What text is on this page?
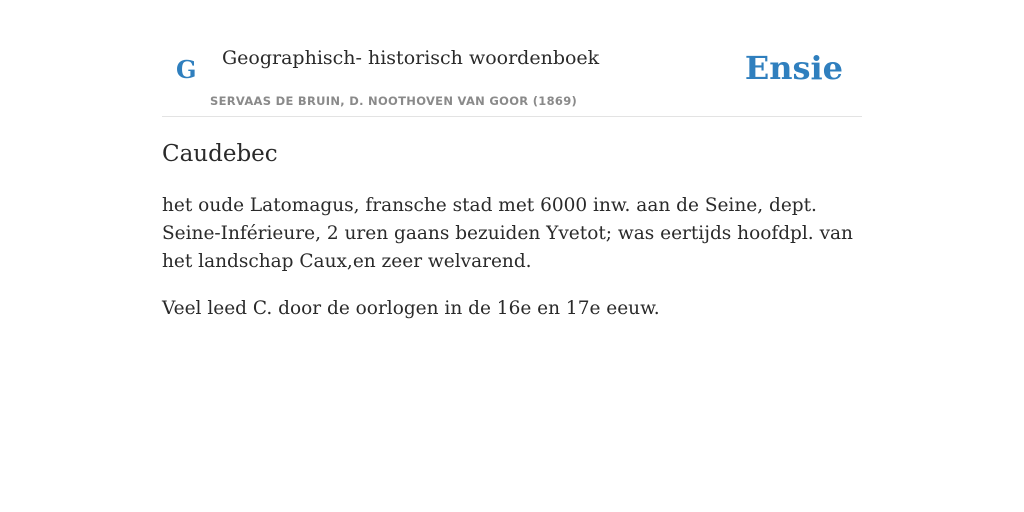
G Geographisch- historisch woordenboek
SERVAAS DE BRUIN, D. NOOTHOVEN VAN GOOR (1869)
Ensie
Caudebec

het oude Latomagus, fransche stad met 6000 inw. aan de Seine, dept. Seine-Inférieure, 2 uren gaans bezuiden Yvetot; was eertijds hoofdpl. van het landschap Caux,en zeer welvarend.

Veel leed C. door de oorlogen in de 16e en 17e eeuw.
